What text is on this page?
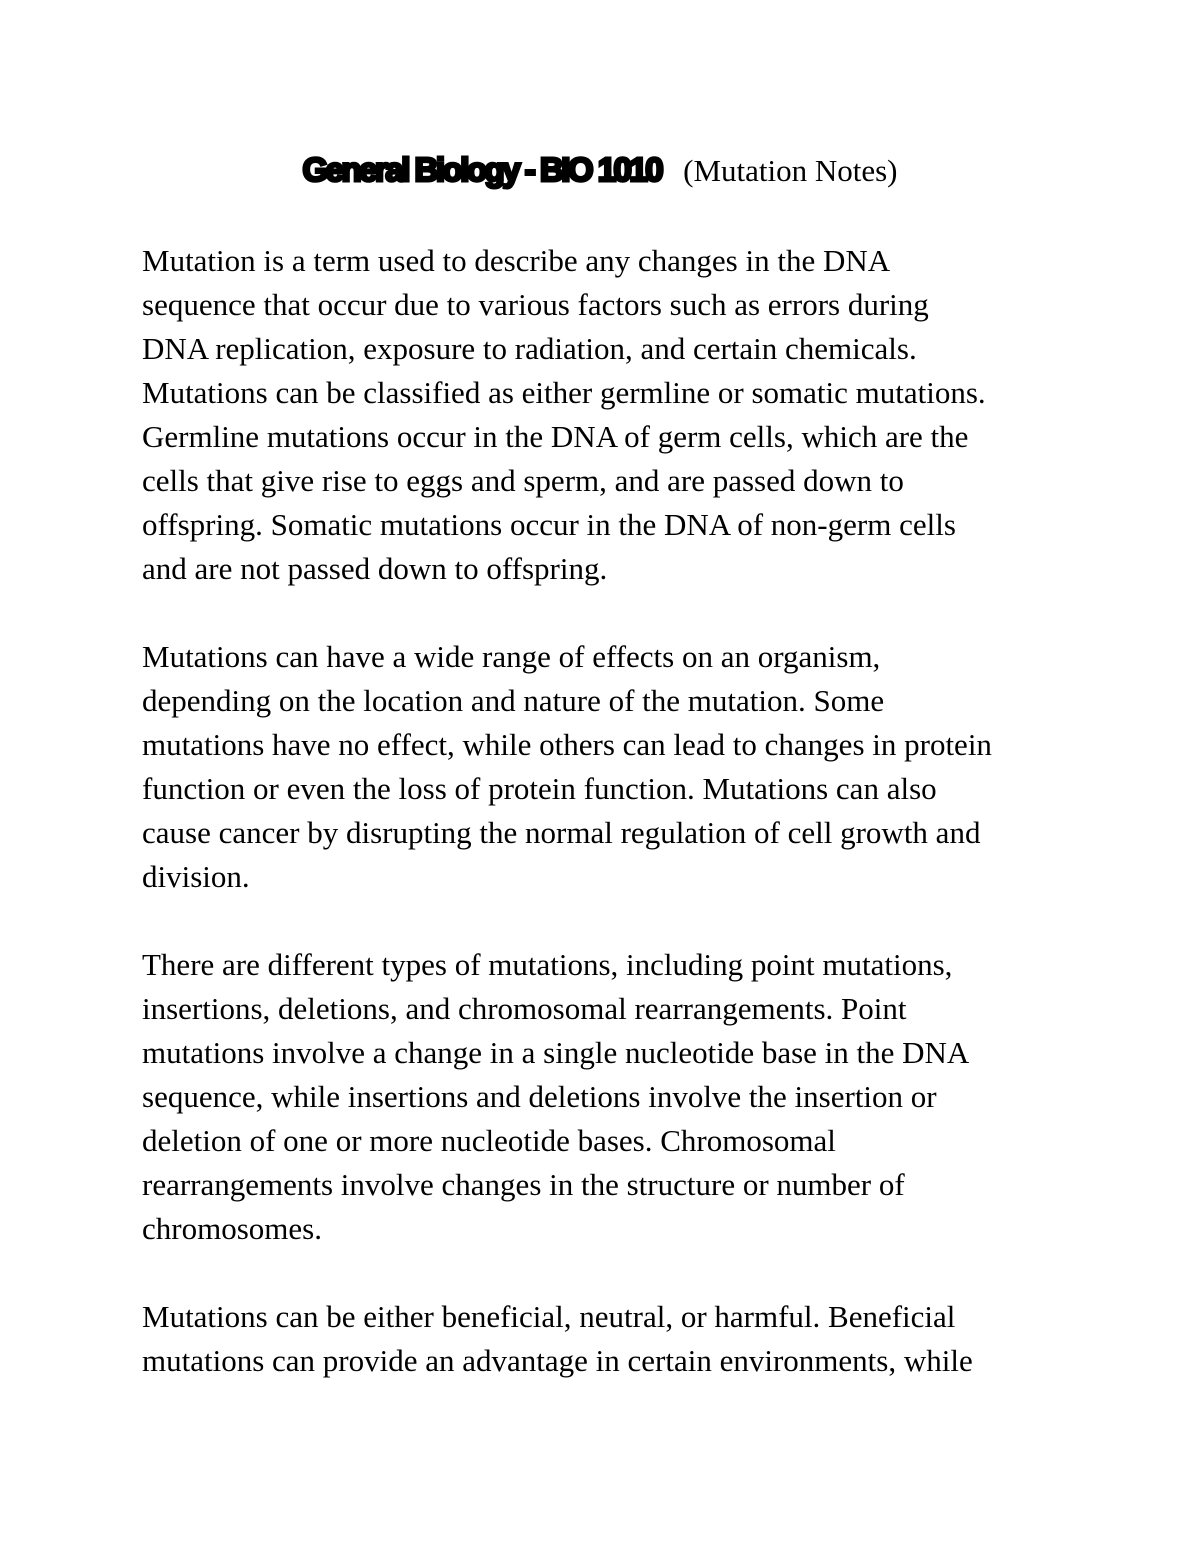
General Biology - BIO 1010 (Mutation Notes)
Mutation is a term used to describe any changes in the DNA
sequence that occur due to various factors such as errors during
DNA replication, exposure to radiation, and certain chemicals.
Mutations can be classified as either germline or somatic mutations.
Germline mutations occur in the DNA of germ cells, which are the
cells that give rise to eggs and sperm, and are passed down to
offspring. Somatic mutations occur in the DNA of non-germ cells
and are not passed down to offspring.
Mutations can have a wide range of effects on an organism,
depending on the location and nature of the mutation. Some
mutations have no effect, while others can lead to changes in protein
function or even the loss of protein function. Mutations can also
cause cancer by disrupting the normal regulation of cell growth and
division.
There are different types of mutations, including point mutations,
insertions, deletions, and chromosomal rearrangements. Point
mutations involve a change in a single nucleotide base in the DNA
sequence, while insertions and deletions involve the insertion or
deletion of one or more nucleotide bases. Chromosomal
rearrangements involve changes in the structure or number of
chromosomes.
Mutations can be either beneficial, neutral, or harmful. Beneficial
mutations can provide an advantage in certain environments, while
